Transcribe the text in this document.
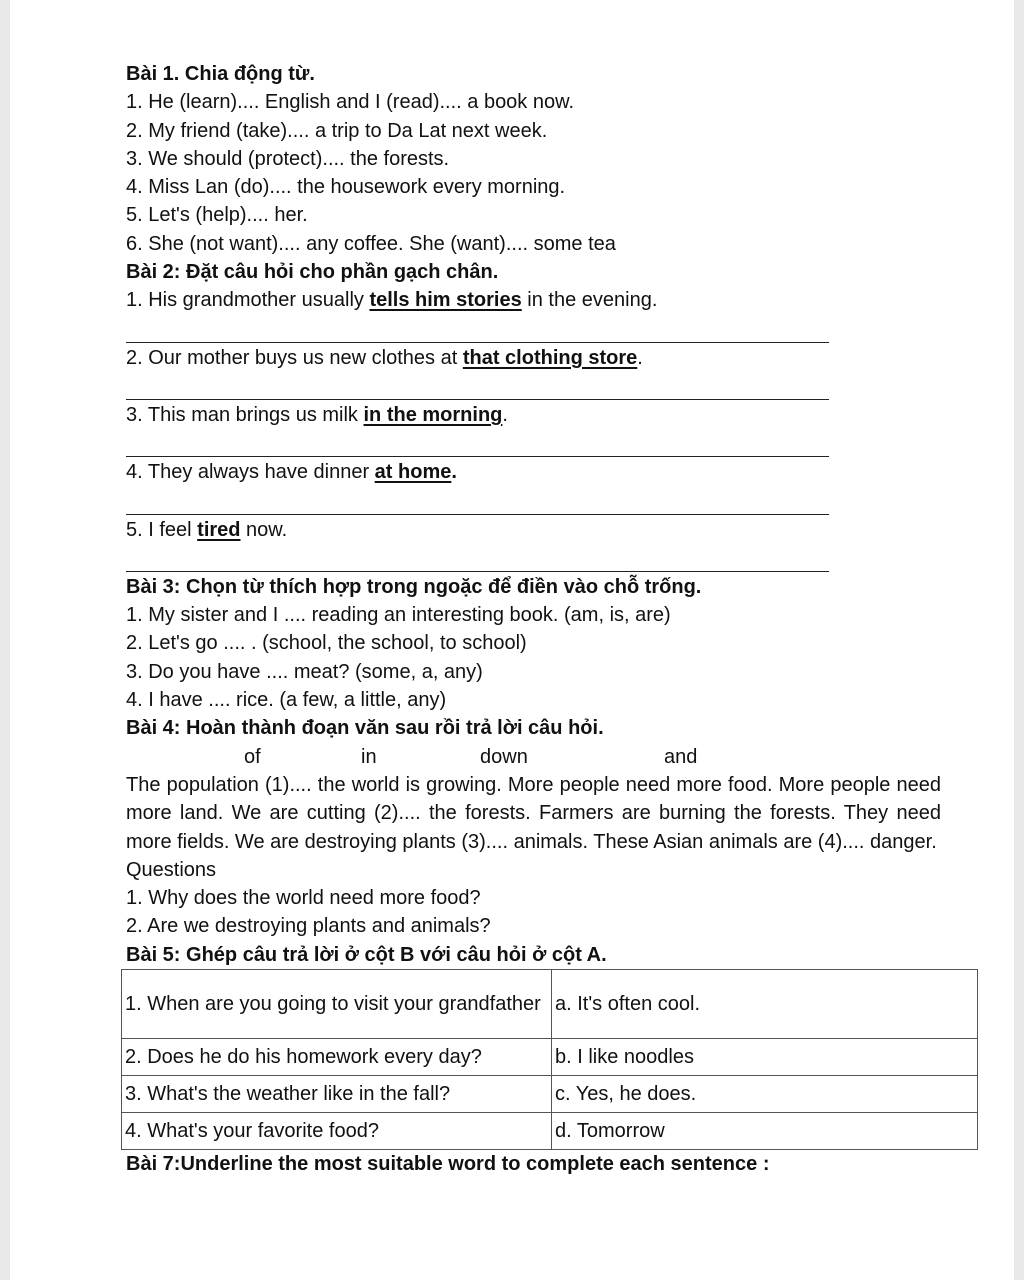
Bài 1. Chia động từ.
1. He (learn).... English and I (read).... a book now.
2. My friend (take).... a trip to Da Lat next week.
3. We should (protect).... the forests.
4. Miss Lan (do).... the housework every morning.
5. Let's (help).... her.
6. She (not want).... any coffee. She (want).... some tea
Bài 2: Đặt câu hỏi cho phần gạch chân.
1. His grandmother usually tells him stories in the evening.
2. Our mother buys us new clothes at that clothing store.
3. This man brings us milk in the morning.
4. They always have dinner at home.
5. I feel tired now.
Bài 3: Chọn từ thích hợp trong ngoặc để điền vào chỗ trống.
1. My sister and I .... reading an interesting book. (am, is, are)
2. Let's go .... . (school, the school, to school)
3. Do you have .... meat? (some, a, any)
4. I have .... rice. (a few, a little, any)
Bài 4: Hoàn thành đoạn văn sau rồi trả lời câu hỏi.
of	in	down	and
The population (1).... the world is growing. More people need more food. More people need more land. We are cutting (2).... the forests. Farmers are burning the forests. They need more fields. We are destroying plants (3).... animals. These Asian animals are (4).... danger.
Questions
1. Why does the world need more food?
2. Are we destroying plants and animals?
Bài 5: Ghép câu trả lời ở cột B với câu hỏi ở cột A.
1. When are you going to visit your grandfather	a. It's often cool.
2. Does he do his homework every day?	b. I like noodles
3. What's the weather like in the fall?	c. Yes, he does.
4. What's your favorite food?	d. Tomorrow
Bài 7:Underline the most suitable word to complete each sentence :
